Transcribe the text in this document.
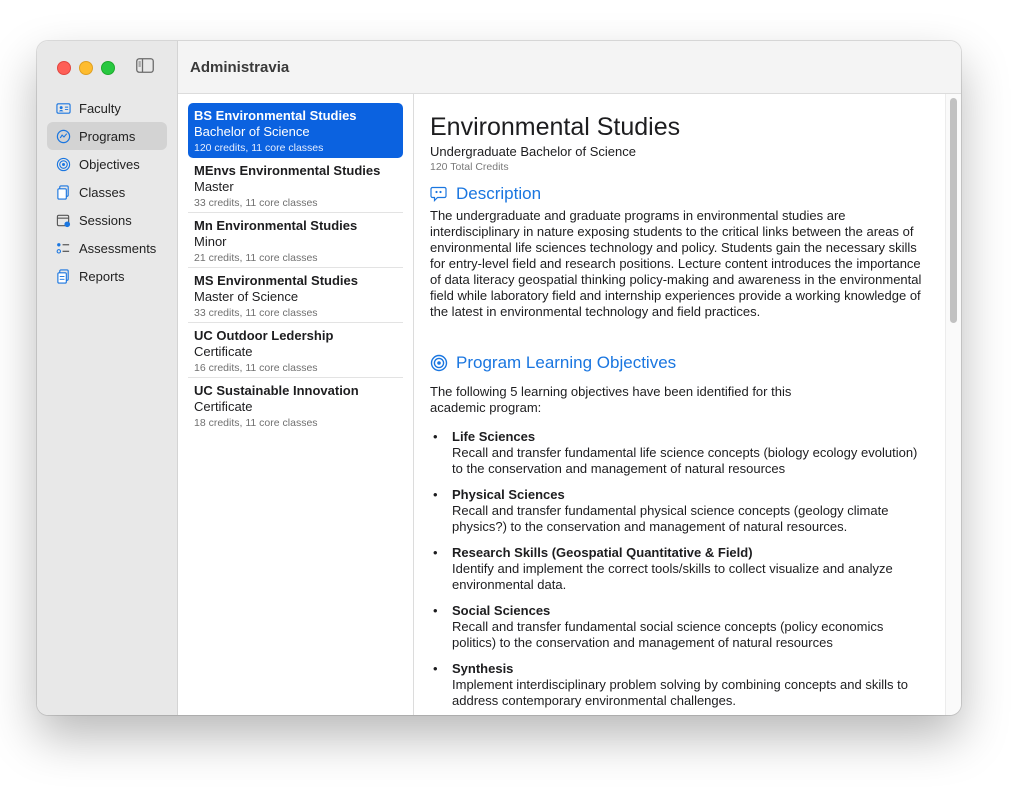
Faculty
Programs
Objectives
Classes
Sessions
Assessments
Reports
Administravia
BS Environmental Studies
Bachelor of Science
120 credits, 11 core classes
MEnvs Environmental Studies
Master
33 credits, 11 core classes
Mn Environmental Studies
Minor
21 credits, 11 core classes
MS Environmental Studies
Master of Science
33 credits, 11 core classes
UC Outdoor Ledership
Certificate
16 credits, 11 core classes
UC Sustainable Innovation
Certificate
18 credits, 11 core classes
Environmental Studies
Undergraduate Bachelor of Science
120 Total Credits
Description
The undergraduate and graduate programs in environmental studies are interdisciplinary in nature exposing students to the critical links between the areas of environmental life sciences technology and policy. Students gain the necessary skills for entry-level field and research positions. Lecture content introduces the importance of data literacy geospatial thinking policy-making and awareness in the environmental field while laboratory field and internship experiences provide a working knowledge of the latest in environmental technology and field practices.
Program Learning Objectives
The following 5 learning objectives have been identified for this academic program:
• Life Sciences
Recall and transfer fundamental life science concepts (biology ecology evolution) to the conservation and management of natural resources
• Physical Sciences
Recall and transfer fundamental physical science concepts (geology climate physics?) to the conservation and management of natural resources.
• Research Skills (Geospatial Quantitative & Field)
Identify and implement the correct tools/skills to collect visualize and analyze environmental data.
• Social Sciences
Recall and transfer fundamental social science concepts (policy economics politics) to the conservation and management of natural resources
• Synthesis
Implement interdisciplinary problem solving by combining concepts and skills to address contemporary environmental challenges.
